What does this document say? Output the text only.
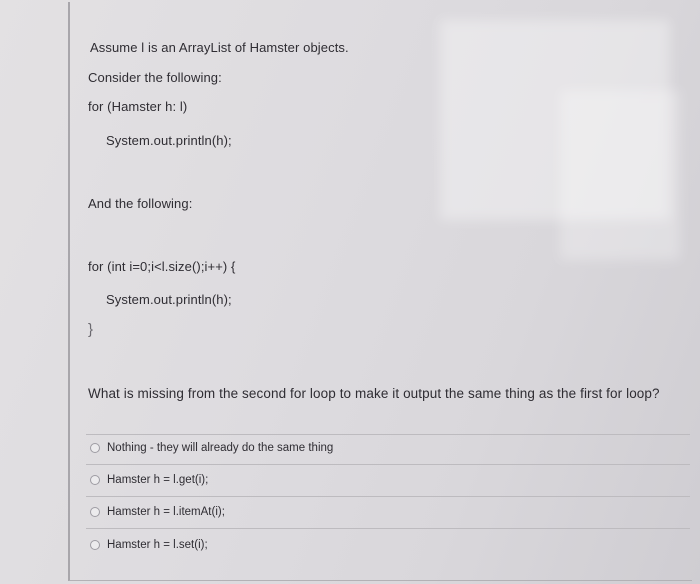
Assume l is an ArrayList of Hamster objects.
Consider the following:
for (Hamster h: l)
System.out.println(h);
And the following:
for (int i=0;i<l.size();i++) {
System.out.println(h);
}
What is missing from the second for loop to make it output the same thing as the first for loop?
Nothing - they will already do the same thing
Hamster h = l.get(i);
Hamster h = l.itemAt(i);
Hamster h = l.set(i);
